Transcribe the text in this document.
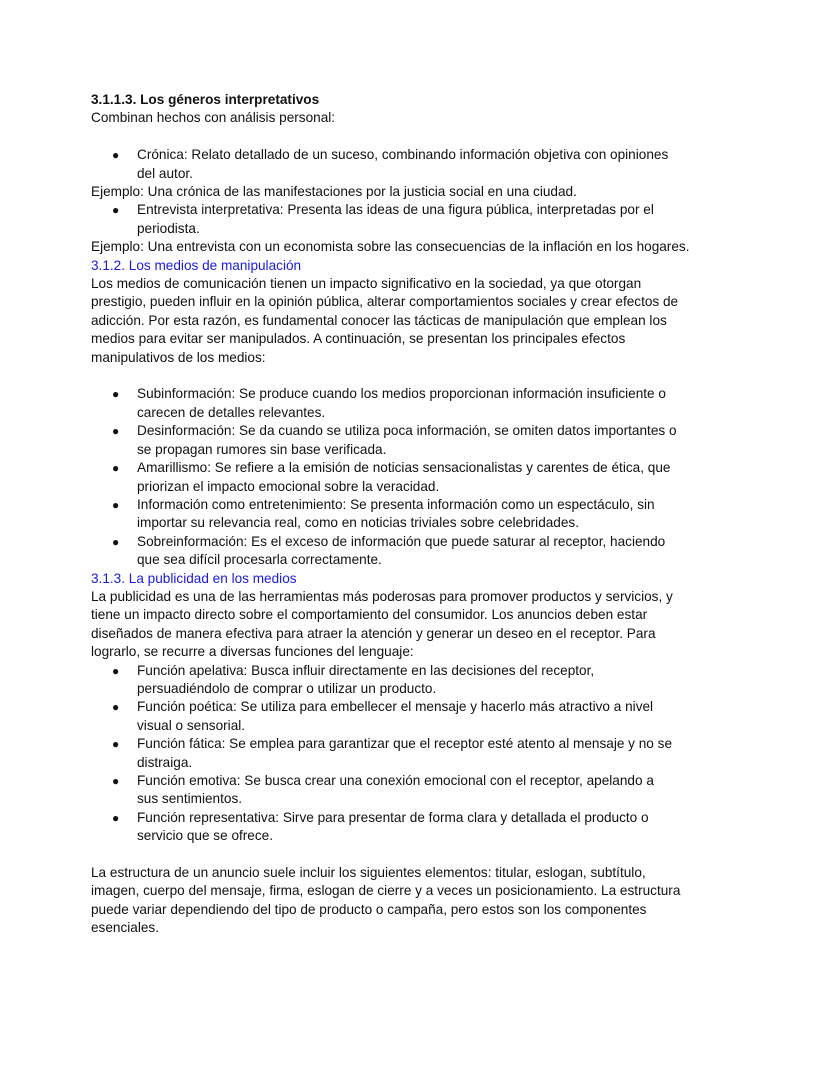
3.1.1.3. Los géneros interpretativos

Combinan hechos con análisis personal:

● Crónica: Relato detallado de un suceso, combinando información objetiva con opiniones del autor.

Ejemplo: Una crónica de las manifestaciones por la justicia social en una ciudad.

● Entrevista interpretativa: Presenta las ideas de una figura pública, interpretadas por el periodista.

Ejemplo: Una entrevista con un economista sobre las consecuencias de la inflación en los hogares.

3.1.2. Los medios de manipulación

Los medios de comunicación tienen un impacto significativo en la sociedad, ya que otorgan prestigio, pueden influir en la opinión pública, alterar comportamientos sociales y crear efectos de adicción. Por esta razón, es fundamental conocer las tácticas de manipulación que emplean los medios para evitar ser manipulados. A continuación, se presentan los principales efectos manipulativos de los medios:

● Subinformación: Se produce cuando los medios proporcionan información insuficiente o carecen de detalles relevantes.
● Desinformación: Se da cuando se utiliza poca información, se omiten datos importantes o se propagan rumores sin base verificada.
● Amarillismo: Se refiere a la emisión de noticias sensacionalistas y carentes de ética, que priorizan el impacto emocional sobre la veracidad.
● Información como entretenimiento: Se presenta información como un espectáculo, sin importar su relevancia real, como en noticias triviales sobre celebridades.
● Sobreinformación: Es el exceso de información que puede saturar al receptor, haciendo que sea difícil procesarla correctamente.

3.1.3. La publicidad en los medios

La publicidad es una de las herramientas más poderosas para promover productos y servicios, y tiene un impacto directo sobre el comportamiento del consumidor. Los anuncios deben estar diseñados de manera efectiva para atraer la atención y generar un deseo en el receptor. Para lograrlo, se recurre a diversas funciones del lenguaje:

● Función apelativa: Busca influir directamente en las decisiones del receptor, persuadiéndolo de comprar o utilizar un producto.
● Función poética: Se utiliza para embellecer el mensaje y hacerlo más atractivo a nivel visual o sensorial.
● Función fática: Se emplea para garantizar que el receptor esté atento al mensaje y no se distraiga.
● Función emotiva: Se busca crear una conexión emocional con el receptor, apelando a sus sentimientos.
● Función representativa: Sirve para presentar de forma clara y detallada el producto o servicio que se ofrece.

La estructura de un anuncio suele incluir los siguientes elementos: titular, eslogan, subtítulo, imagen, cuerpo del mensaje, firma, eslogan de cierre y a veces un posicionamiento. La estructura puede variar dependiendo del tipo de producto o campaña, pero estos son los componentes esenciales.
